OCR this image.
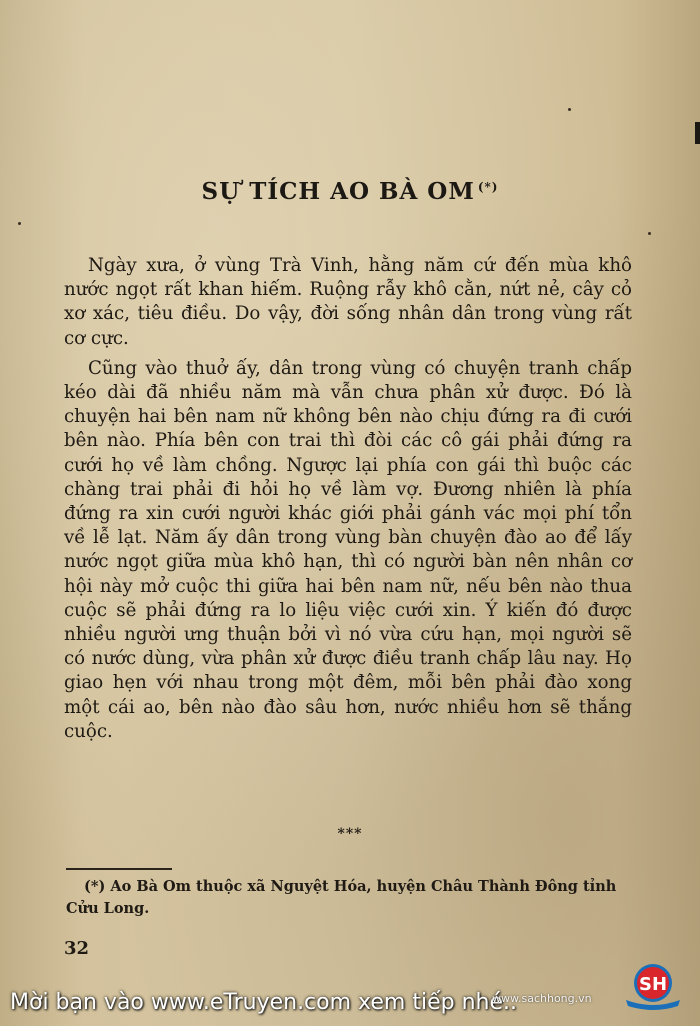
SỰ TÍCH AO BÀ OM (*)

Ngày xưa, ở vùng Trà Vinh, hằng năm cứ đến mùa khô nước ngọt rất khan hiếm. Ruộng rẫy khô cằn, nứt nẻ, cây cỏ xơ xác, tiêu điều. Do vậy, đời sống nhân dân trong vùng rất cơ cực.

Cũng vào thuở ấy, dân trong vùng có chuyện tranh chấp kéo dài đã nhiều năm mà vẫn chưa phân xử được. Đó là chuyện hai bên nam nữ không bên nào chịu đứng ra đi cưới bên nào. Phía bên con trai thì đòi các cô gái phải đứng ra cưới họ về làm chồng. Ngược lại phía con gái thì buộc các chàng trai phải đi hỏi họ về làm vợ. Đương nhiên là phía đứng ra xin cưới người khác giới phải gánh vác mọi phí tổn về lễ lạt. Năm ấy dân trong vùng bàn chuyện đào ao để lấy nước ngọt giữa mùa khô hạn, thì có người bàn nên nhân cơ hội này mở cuộc thi giữa hai bên nam nữ, nếu bên nào thua cuộc sẽ phải đứng ra lo liệu việc cưới xin. Ý kiến đó được nhiều người ưng thuận bởi vì nó vừa cứu hạn, mọi người sẽ có nước dùng, vừa phân xử được điều tranh chấp lâu nay. Họ giao hẹn với nhau trong một đêm, mỗi bên phải đào xong một cái ao, bên nào đào sâu hơn, nước nhiều hơn sẽ thắng cuộc.

***
(*) Ao Bà Om thuộc xã Nguyệt Hóa, huyện Châu Thành Đông tỉnh Cửu Long.
32
Mời bạn vào www.eTruyen.com xem tiếp nhé..
www.sachhong.vn
SH
